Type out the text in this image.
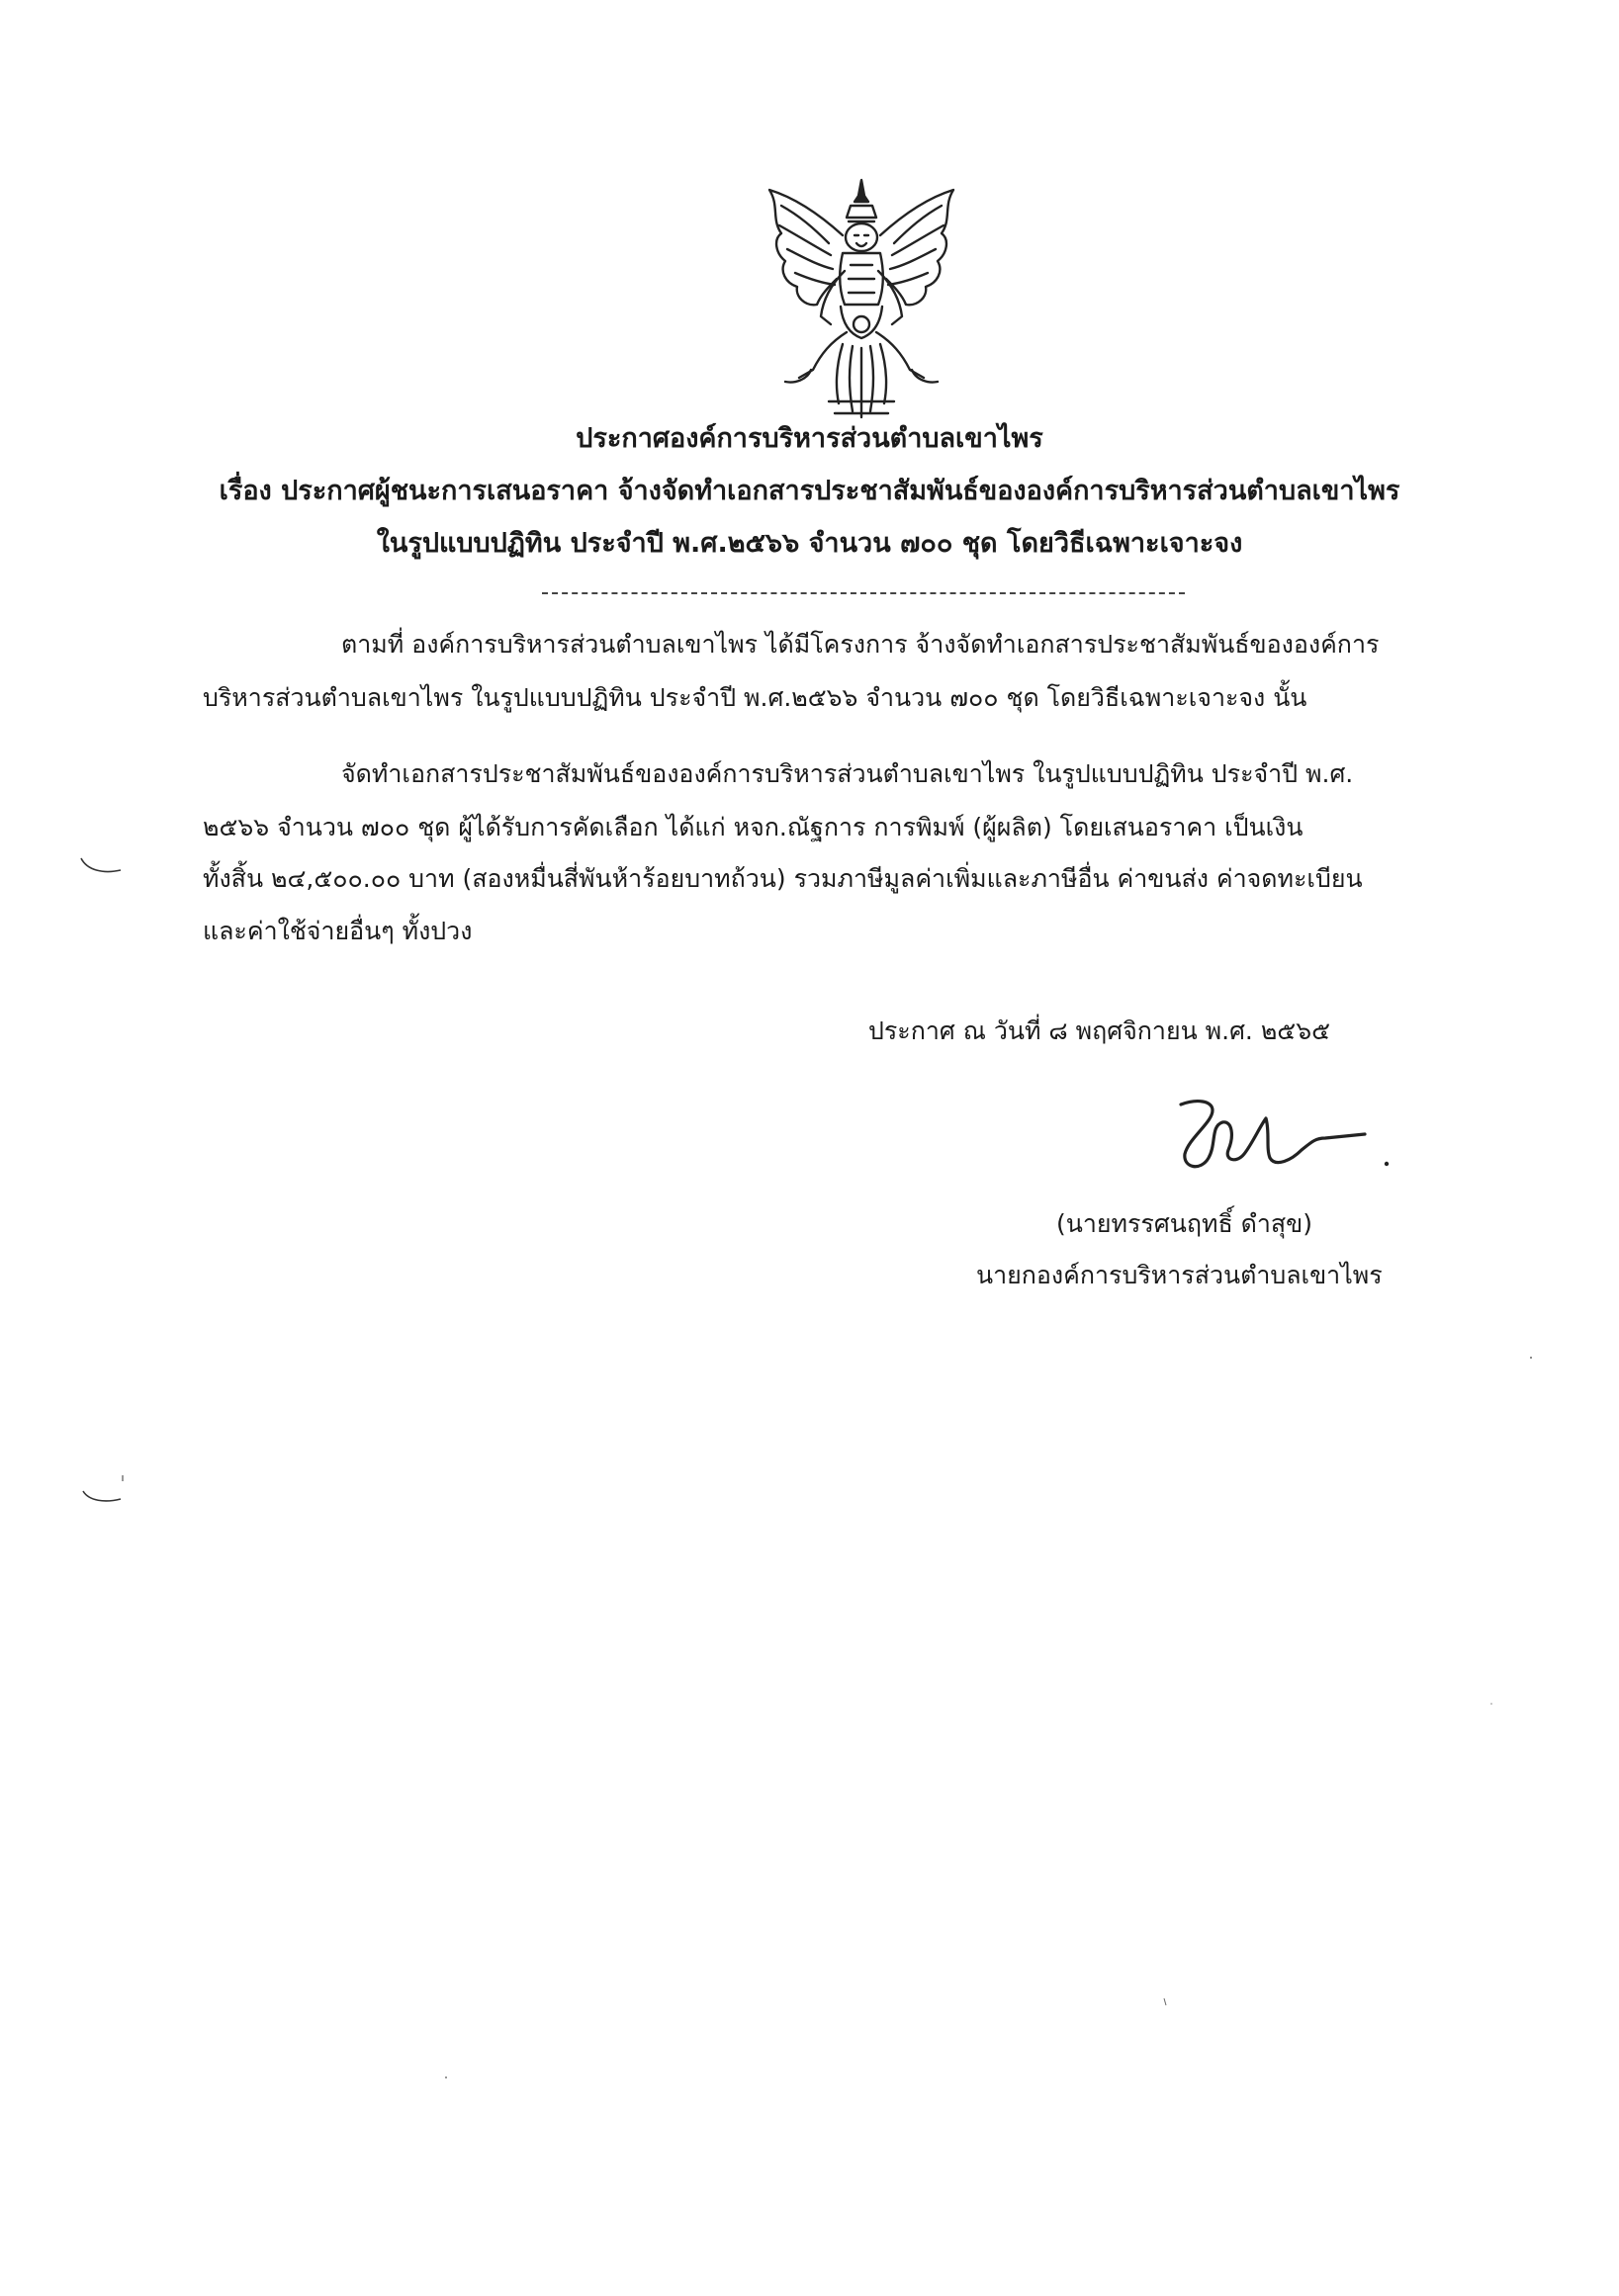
ประกาศองค์การบริหารส่วนตำบลเขาไพร
เรื่อง ประกาศผู้ชนะการเสนอราคา จ้างจัดทำเอกสารประชาสัมพันธ์ขององค์การบริหารส่วนตำบลเขาไพร
ในรูปแบบปฏิทิน ประจำปี พ.ศ.๒๕๖๖ จำนวน ๗๐๐ ชุด โดยวิธีเฉพาะเจาะจง
ตามที่ องค์การบริหารส่วนตำบลเขาไพร ได้มีโครงการ จ้างจัดทำเอกสารประชาสัมพันธ์ขององค์การ
บริหารส่วนตำบลเขาไพร ในรูปแบบปฏิทิน ประจำปี พ.ศ.๒๕๖๖ จำนวน ๗๐๐ ชุด โดยวิธีเฉพาะเจาะจง นั้น
จัดทำเอกสารประชาสัมพันธ์ขององค์การบริหารส่วนตำบลเขาไพร ในรูปแบบปฏิทิน ประจำปี พ.ศ.
๒๕๖๖ จำนวน ๗๐๐ ชุด ผู้ได้รับการคัดเลือก ได้แก่ หจก.ณัฐการ การพิมพ์ (ผู้ผลิต) โดยเสนอราคา เป็นเงิน
ทั้งสิ้น ๒๔,๕๐๐.๐๐ บาท (สองหมื่นสี่พันห้าร้อยบาทถ้วน) รวมภาษีมูลค่าเพิ่มและภาษีอื่น ค่าขนส่ง ค่าจดทะเบียน
และค่าใช้จ่ายอื่นๆ ทั้งปวง
ประกาศ ณ วันที่ ๘ พฤศจิกายน พ.ศ. ๒๕๖๕
(นายทรรศนฤทธิ์ ดำสุข)
นายกองค์การบริหารส่วนตำบลเขาไพร
